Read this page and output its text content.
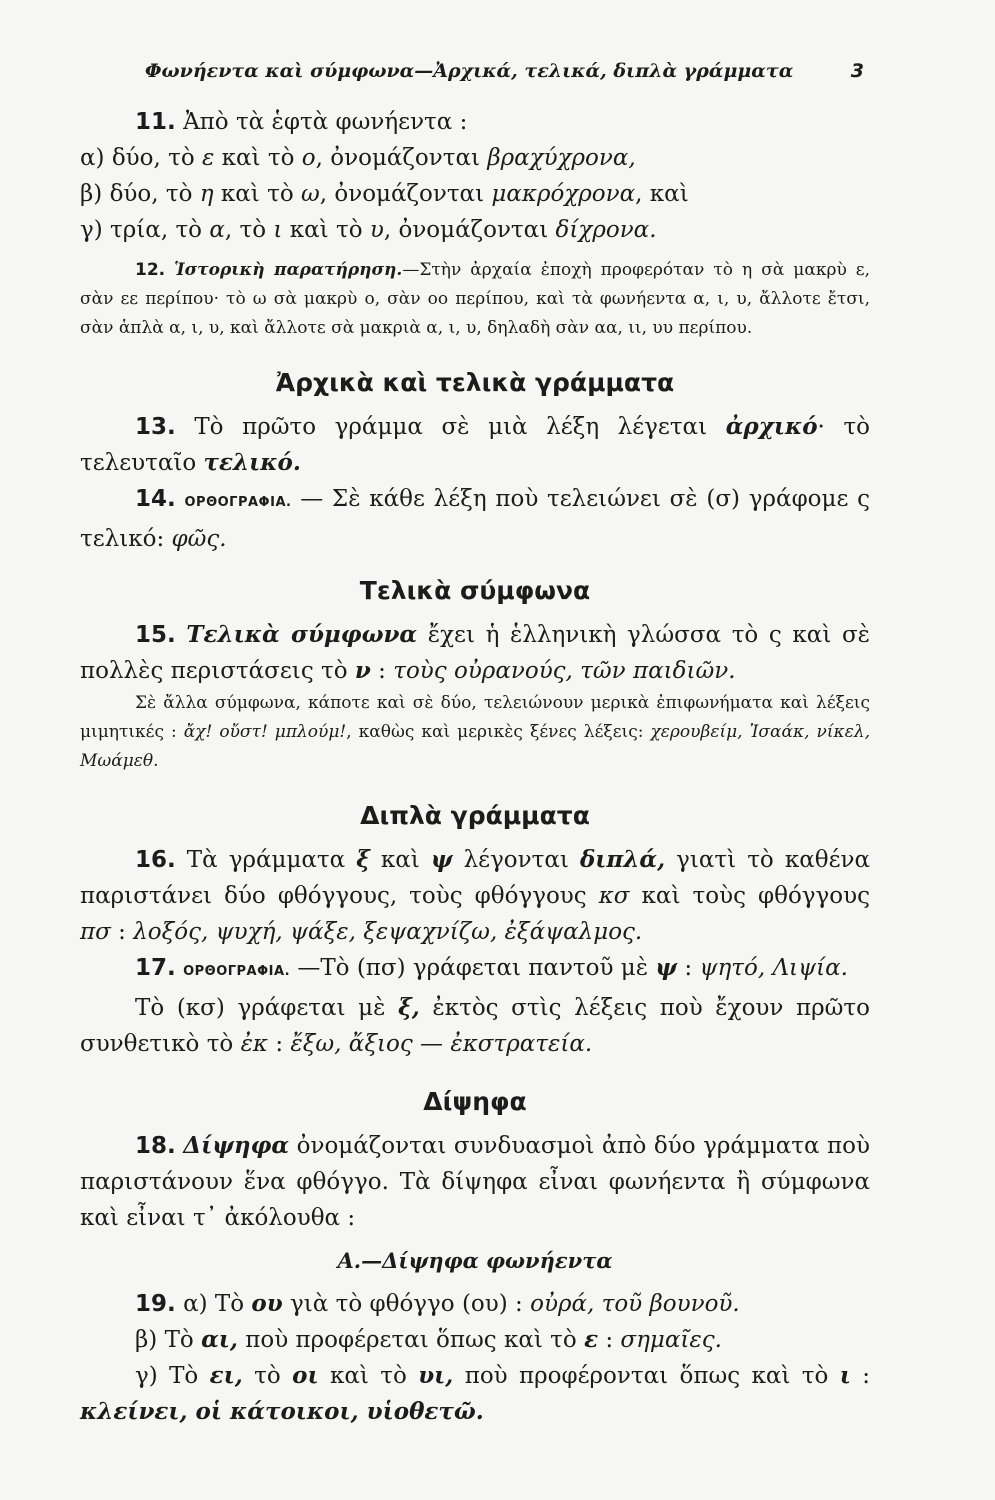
Φωνήεντα καὶ σύμφωνα—Ἀρχικά, τελικά, διπλὰ γράμματα	3

11. Ἀπὸ τὰ ἑφτὰ φωνήεντα :

α) δύο, τὸ ε καὶ τὸ ο, ὀνομάζονται βραχύχρονα,

β) δύο, τὸ η καὶ τὸ ω, ὀνομάζονται μακρόχρονα, καὶ

γ) τρία, τὸ α, τὸ ι καὶ τὸ υ, ὀνομάζονται δίχρονα.

12. Ἱστορικὴ παρατήρηση.—Στὴν ἀρχαία ἐποχὴ προφερόταν τὸ η σὰ μακρὺ ε, σὰν εε περίπου· τὸ ω σὰ μακρὺ ο, σὰν οο περίπου, καὶ τὰ φωνήεντα α, ι, υ, ἄλλοτε ἔτσι, σὰν ἁπλὰ α, ι, υ, καὶ ἄλλοτε σὰ μακριὰ α, ι, υ, δηλαδὴ σὰν αα, ιι, υυ περίπου.

Ἀρχικὰ καὶ τελικὰ γράμματα

13. Τὸ πρῶτο γράμμα σὲ μιὰ λέξη λέγεται ἀρχικό· τὸ τελευταῖο τελικό.

14. ΟΡΘΟΓΡΑΦΙΑ. — Σὲ κάθε λέξη ποὺ τελειώνει σὲ (σ) γράφομε ς τελικό: φῶς.

Τελικὰ σύμφωνα

15. Τελικὰ σύμφωνα ἔχει ἡ ἑλληνικὴ γλώσσα τὸ ς καὶ σὲ πολλὲς περιστάσεις τὸ ν : τοὺς οὐρανούς, τῶν παιδιῶν.

Σὲ ἄλλα σύμφωνα, κάποτε καὶ σὲ δύο, τελειώνουν μερικὰ ἐπιφωνήματα καὶ λέξεις μιμητικές : ἄχ! οὔστ! μπλούμ!, καθὼς καὶ μερικὲς ξένες λέξεις: χερουβείμ, Ἰσαάκ, νίκελ, Μωάμεθ.

Διπλὰ γράμματα

16. Τὰ γράμματα ξ καὶ ψ λέγονται διπλά, γιατὶ τὸ καθένα παριστάνει δύο φθόγγους, τοὺς φθόγγους κσ καὶ τοὺς φθόγγους πσ : λοξός, ψυχή, ψάξε, ξεψαχνίζω, ἐξάψαλμος.

17. ΟΡΘΟΓΡΑΦΙΑ. —Τὸ (πσ) γράφεται παντοῦ μὲ ψ : ψητό, Λιψία.

Τὸ (κσ) γράφεται μὲ ξ, ἐκτὸς στὶς λέξεις ποὺ ἔχουν πρῶτο συνθετικὸ τὸ ἐκ : ἔξω, ἄξιος — ἐκστρατεία.

Δίψηφα

18. Δίψηφα ὀνομάζονται συνδυασμοὶ ἀπὸ δύο γράμματα ποὺ παριστάνουν ἕνα φθόγγο. Τὰ δίψηφα εἶναι φωνήεντα ἢ σύμφωνα καὶ εἶναι τ᾿ ἀκόλουθα :

Α.—Δίψηφα φωνήεντα

19. α) Τὸ ου γιὰ τὸ φθόγγο (ου) : οὐρά, τοῦ βουνοῦ.

β) Τὸ αι, ποὺ προφέρεται ὅπως καὶ τὸ ε : σημαῖες.

γ) Τὸ ει, τὸ οι καὶ τὸ υι, ποὺ προφέρονται ὅπως καὶ τὸ ι : κλείνει, οἱ κάτοικοι, υἱοθετῶ.
